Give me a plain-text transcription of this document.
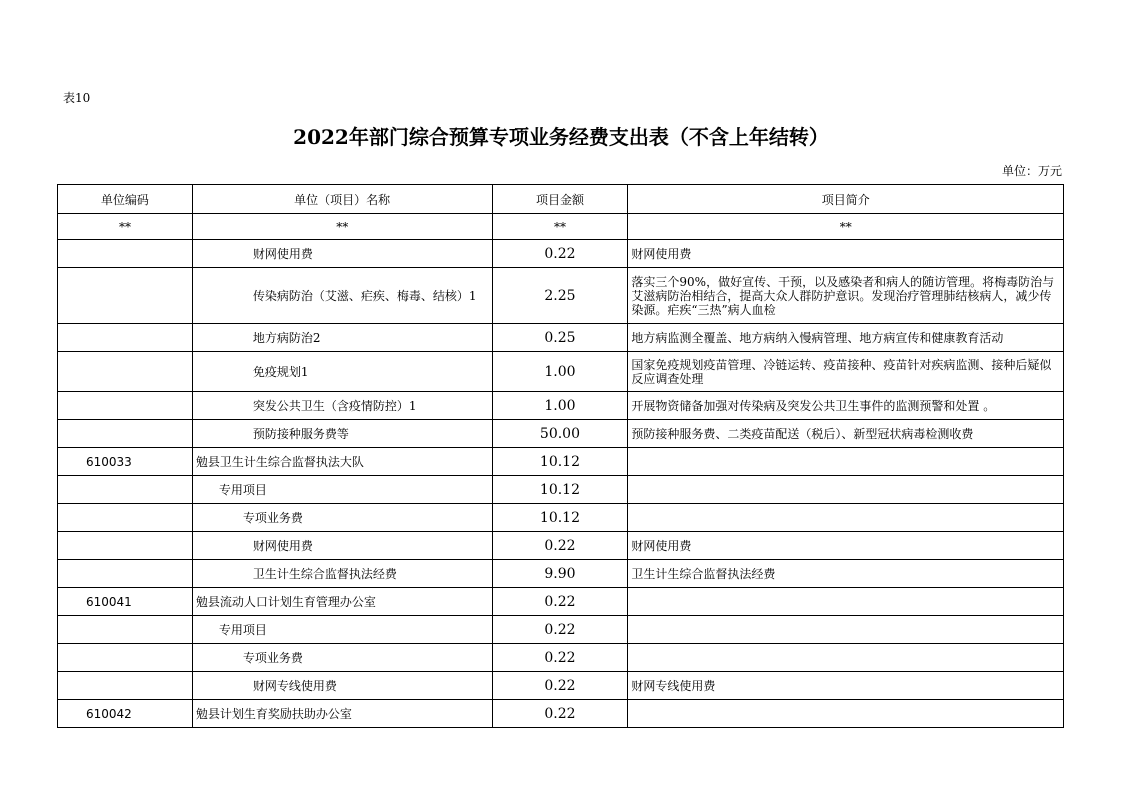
表10
2022年部门综合预算专项业务经费支出表（不含上年结转）
单位：万元
单位编码	单位（项目）名称	项目金额	项目简介
**	**	**	**
	财网使用费	0.22	财网使用费
	传染病防治（艾滋、疟疾、梅毒、结核）1	2.25	落实三个90%，做好宣传、干预，以及感染者和病人的随访管理。将梅毒防治与艾滋病防治相结合，提高大众人群防护意识。发现治疗管理肺结核病人，减少传染源。疟疾“三热”病人血检
	地方病防治2	0.25	地方病监测全覆盖、地方病纳入慢病管理、地方病宣传和健康教育活动
	免疫规划1	1.00	国家免疫规划疫苗管理、冷链运转、疫苗接种、疫苗针对疾病监测、接种后疑似反应调查处理
	突发公共卫生（含疫情防控）1	1.00	开展物资储备加强对传染病及突发公共卫生事件的监测预警和处置 。
	预防接种服务费等	50.00	预防接种服务费、二类疫苗配送（税后）、新型冠状病毒检测收费
610033	勉县卫生计生综合监督执法大队	10.12	
	专用项目	10.12	
	专项业务费	10.12	
	财网使用费	0.22	财网使用费
	卫生计生综合监督执法经费	9.90	卫生计生综合监督执法经费
610041	勉县流动人口计划生育管理办公室	0.22	
	专用项目	0.22	
	专项业务费	0.22	
	财网专线使用费	0.22	财网专线使用费
610042	勉县计划生育奖励扶助办公室	0.22	
